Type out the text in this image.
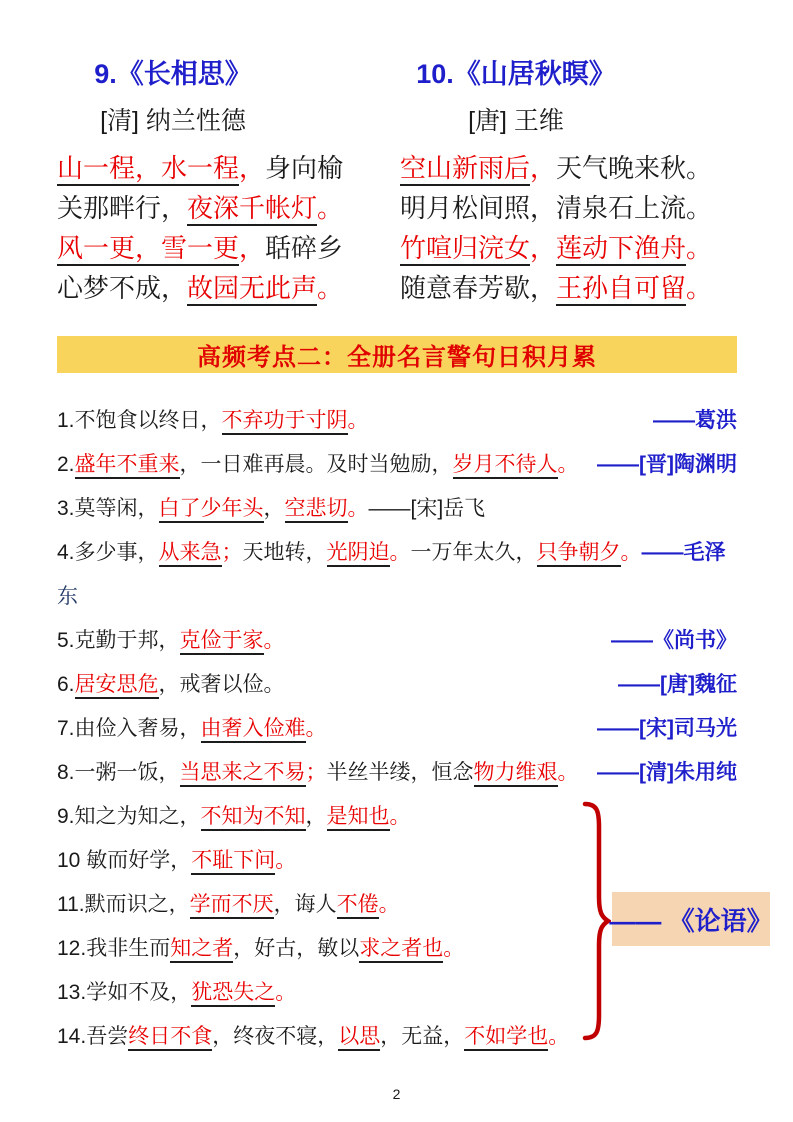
9.《长相思》
[清] 纳兰性德
山一程，水一程，身向榆
关那畔行，夜深千帐灯。
风一更，雪一更，聒碎乡
心梦不成，故园无此声。
10.《山居秋暝》
[唐] 王维
空山新雨后，天气晚来秋。
明月松间照，清泉石上流。
竹喧归浣女，莲动下渔舟。
随意春芳歇，王孙自可留。
高频考点二：全册名言警句日积月累
1.不饱食以终日，不弃功于寸阴。	——葛洪
2.盛年不重来，一日难再晨。及时当勉励，岁月不待人。 ——[晋]陶渊明
3.莫等闲，白了少年头，空悲切。——[宋]岳飞
4.多少事，从来急；天地转，光阴迫。一万年太久，只争朝夕。——毛泽
东
5.克勤于邦，克俭于家。	——《尚书》
6.居安思危，戒奢以俭。	——[唐]魏征
7.由俭入奢易，由奢入俭难。	——[宋]司马光
8.一粥一饭，当思来之不易；半丝半缕，恒念物力维艰。 ——[清]朱用纯
9.知之为知之，不知为不知，是知也。
10 敏而好学，不耻下问。
11.默而识之，学而不厌，诲人不倦。
12.我非生而知之者，好古，敏以求之者也。
13.学如不及，犹恐失之。
14.吾尝终日不食，终夜不寝，以思，无益，不如学也。
—— 《论语》
2
